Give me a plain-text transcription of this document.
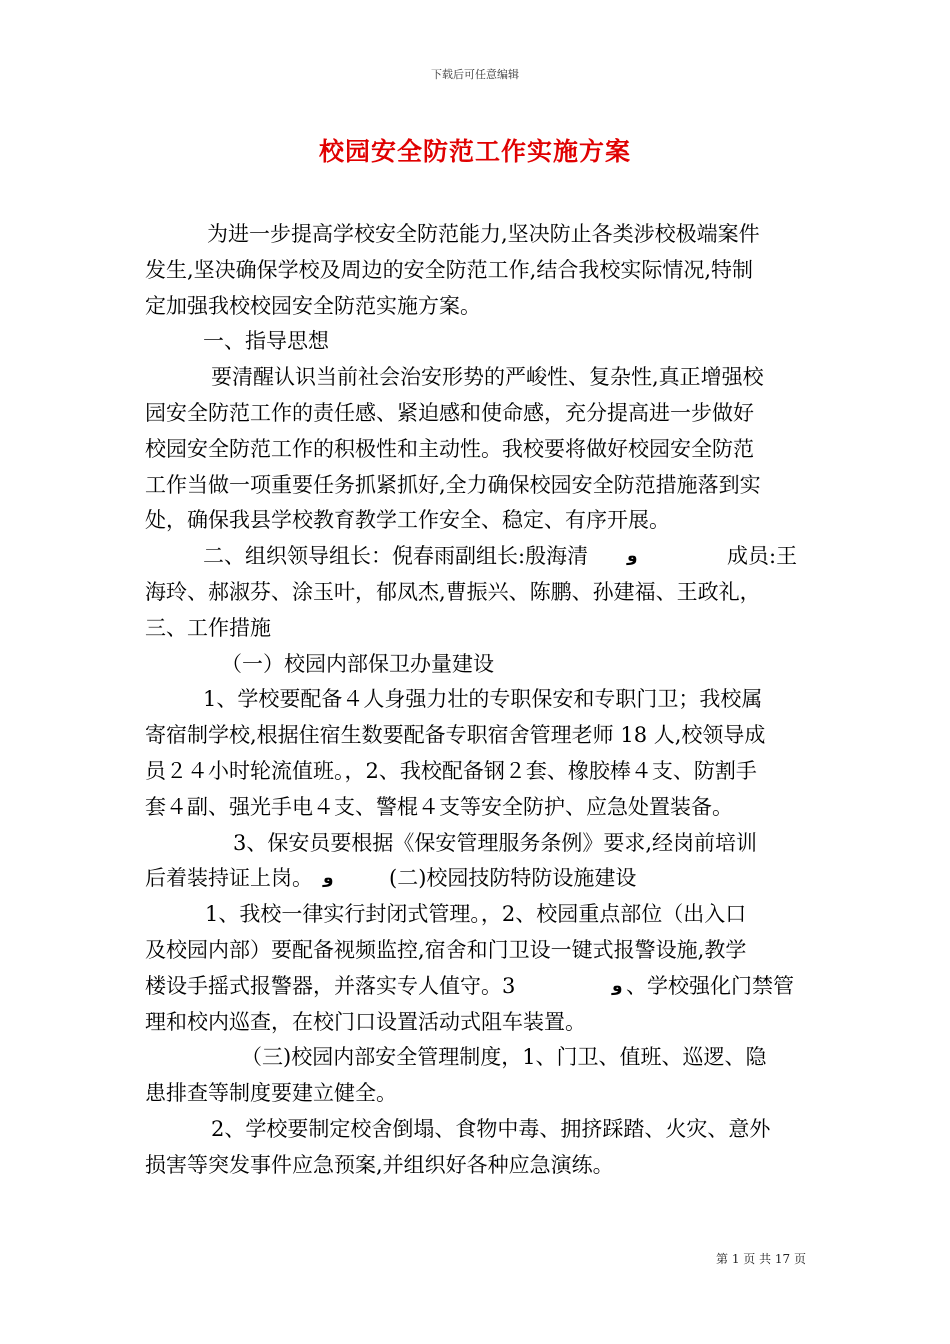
下载后可任意编辑
校园安全防范工作实施方案
为进一步提高学校安全防范能力,坚决防止各类涉校极端案件
发生,坚决确保学校及周边的安全防范工作,结合我校实际情况,特制
定加强我校校园安全防范实施方案。
一、指导思想
要清醒认识当前社会治安形势的严峻性、复杂性,真正增强校
园安全防范工作的责任感、紧迫感和使命感，充分提高进一步做好
校园安全防范工作的积极性和主动性。我校要将做好校园安全防范
工作当做一项重要任务抓紧抓好,全力确保校园安全防范措施落到实
处，确保我县学校教育教学工作安全、稳定、有序开展。
二、组织领导组长：倪春雨副组长:殷海清 و	成员:王
海玲、郝淑芬、涂玉叶，郁凤杰,曹振兴、陈鹏、孙建福、王政礼，
三、工作措施
（一）校园内部保卫办量建设
1、学校要配备４人身强力壮的专职保安和专职门卫；我校属
寄宿制学校,根据住宿生数要配备专职宿舍管理老师 18 人,校领导成
员２４小时轮流值班。，2、我校配备钢２套、橡胶棒４支、防割手
套４副、强光手电４支、警棍４支等安全防护、应急处置装备。
3、保安员要根据《保安管理服务条例》要求,经岗前培训
后着装持证上岗。 و	(二)校园技防特防设施建设
1、我校一律实行封闭式管理。，2、校园重点部位（出入口
及校园内部）要配备视频监控,宿舍和门卫设一键式报警设施,教学
楼设手摇式报警器，并落实专人值守。3	و 、学校强化门禁管
理和校内巡查，在校门口设置活动式阻车装置。
（三)校园内部安全管理制度，1、门卫、值班、巡逻、隐
患排查等制度要建立健全。
2、学校要制定校舍倒塌、食物中毒、拥挤踩踏、火灾、意外
损害等突发事件应急预案,并组织好各种应急演练。
第 1 页 共 17 页
